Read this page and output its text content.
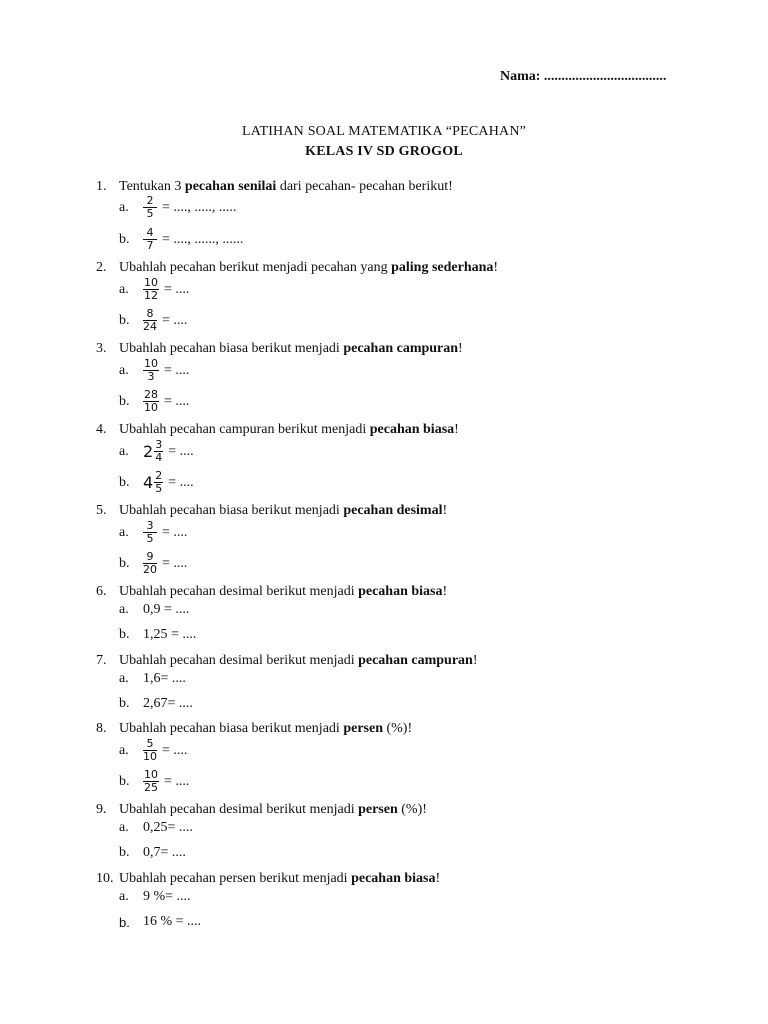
Nama: ...................................
LATIHAN SOAL MATEMATIKA “PECAHAN”
KELAS IV SD GROGOL
1. Tentukan 3 pecahan senilai dari pecahan- pecahan berikut!
a.	$\frac{2}{5}$ = ...., ....., .....
b.	$\frac{4}{7}$ = ...., ......, ......
2. Ubahlah pecahan berikut menjadi pecahan yang paling sederhana!
a.	$\frac{10}{12}$ = ....
b.	$\frac{8}{24}$ = ....
3. Ubahlah pecahan biasa berikut menjadi pecahan campuran!
a.	$\frac{10}{3}$ = ....
b.	$\frac{28}{10}$ = ....
4. Ubahlah pecahan campuran berikut menjadi pecahan biasa!
a. $2 \frac{3}{4}$ = ....
b. $4 \frac{2}{5}$ = ....
5. Ubahlah pecahan biasa berikut menjadi pecahan desimal!
a.	$\frac{3}{5}$ = ....
b.	$\frac{9}{20}$ = ....
6. Ubahlah pecahan desimal berikut menjadi pecahan biasa!
a.	0,9 = ....
b. 1,25 = ....
7. Ubahlah pecahan desimal berikut menjadi pecahan campuran!
a.	1,6= ....
b. 2,67= ....
8. Ubahlah pecahan biasa berikut menjadi persen (%)!
a.	$\frac{5}{10}$ = ....
b.	$\frac{10}{25}$ = ....
9. Ubahlah pecahan desimal berikut menjadi persen (%)!
a.	0,25= ....
b. 0,7= ....
10. Ubahlah pecahan persen berikut menjadi pecahan biasa!
a.	9 %= ....
b. 16 % = ....
